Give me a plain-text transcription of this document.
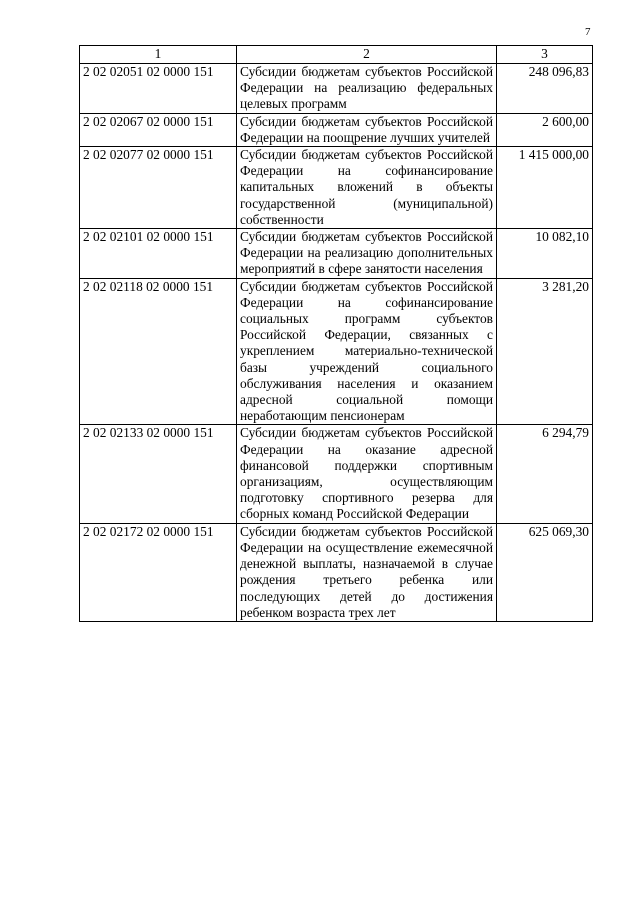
7
1	2	3
2 02 02051 02 0000 151	Субсидии бюджетам субъектов Российской Федерации на реализацию федеральных целевых программ	248 096,83
2 02 02067 02 0000 151	Субсидии бюджетам субъектов Российской Федерации на поощрение лучших учителей	2 600,00
2 02 02077 02 0000 151	Субсидии бюджетам субъектов Российской Федерации на софинансирование капитальных вложений в объекты государственной (муниципальной) собственности	1 415 000,00
2 02 02101 02 0000 151	Субсидии бюджетам субъектов Российской Федерации на реализацию дополнительных мероприятий в сфере занятости населения	10 082,10
2 02 02118 02 0000 151	Субсидии бюджетам субъектов Российской Федерации на софинансирование социальных программ субъектов Российской Федерации, связанных с укреплением материально-технической базы учреждений социального обслуживания населения и оказанием адресной социальной помощи неработающим пенсионерам	3 281,20
2 02 02133 02 0000 151	Субсидии бюджетам субъектов Российской Федерации на оказание адресной финансовой поддержки спортивным организациям, осуществляющим подготовку спортивного резерва для сборных команд Российской Федерации	6 294,79
2 02 02172 02 0000 151	Субсидии бюджетам субъектов Российской Федерации на осуществление ежемесячной денежной выплаты, назначаемой в случае рождения третьего ребенка или последующих детей до достижения ребенком возраста трех лет	625 069,30
